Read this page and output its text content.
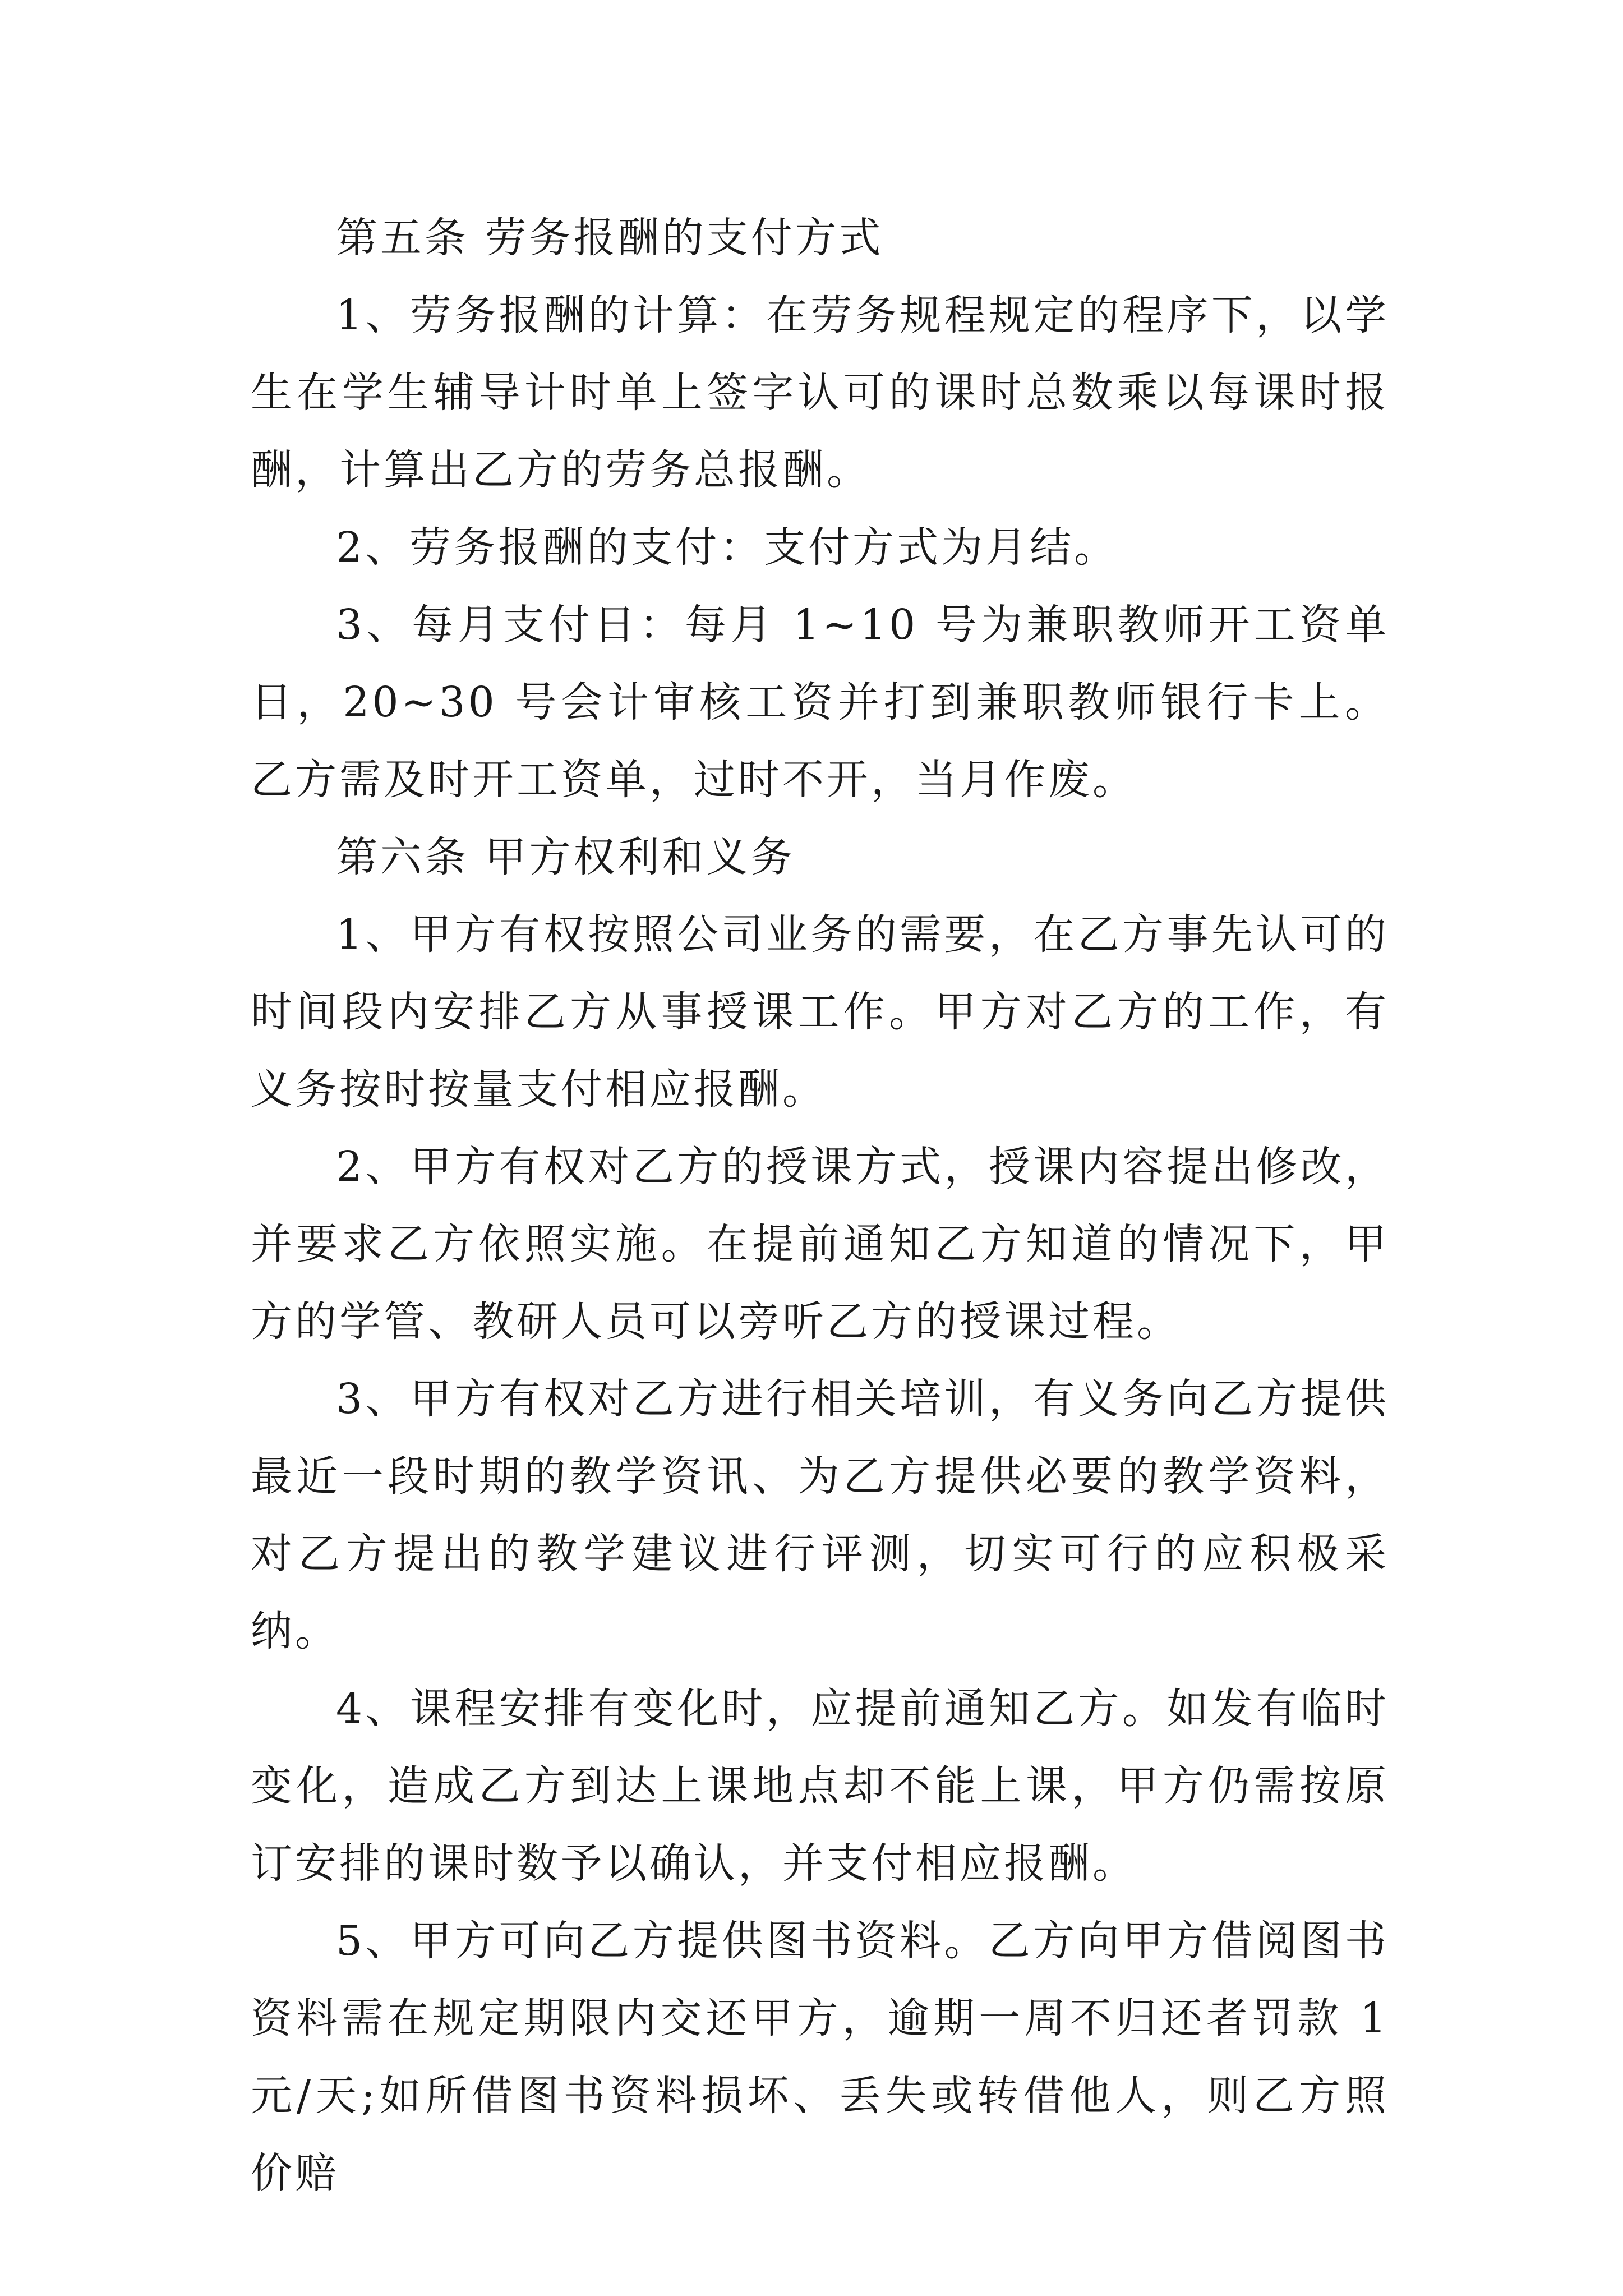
第五条 劳务报酬的支付方式

1、劳务报酬的计算：在劳务规程规定的程序下，以学生在学生辅导计时单上签字认可的课时总数乘以每课时报酬，计算出乙方的劳务总报酬。

2、劳务报酬的支付：支付方式为月结。

3、每月支付日：每月 1~10 号为兼职教师开工资单日，20~30 号会计审核工资并打到兼职教师银行卡上。乙方需及时开工资单，过时不开，当月作废。

第六条 甲方权利和义务

1、甲方有权按照公司业务的需要，在乙方事先认可的时间段内安排乙方从事授课工作。甲方对乙方的工作，有义务按时按量支付相应报酬。

2、甲方有权对乙方的授课方式，授课内容提出修改，并要求乙方依照实施。在提前通知乙方知道的情况下，甲方的学管、教研人员可以旁听乙方的授课过程。

3、甲方有权对乙方进行相关培训，有义务向乙方提供最近一段时期的教学资讯、为乙方提供必要的教学资料，对乙方提出的教学建议进行评测，切实可行的应积极采纳。

4、课程安排有变化时，应提前通知乙方。如发有临时变化，造成乙方到达上课地点却不能上课，甲方仍需按原订安排的课时数予以确认，并支付相应报酬。

5、甲方可向乙方提供图书资料。乙方向甲方借阅图书资料需在规定期限内交还甲方，逾期一周不归还者罚款 1 元/天;如所借图书资料损坏、丢失或转借他人，则乙方照价赔
